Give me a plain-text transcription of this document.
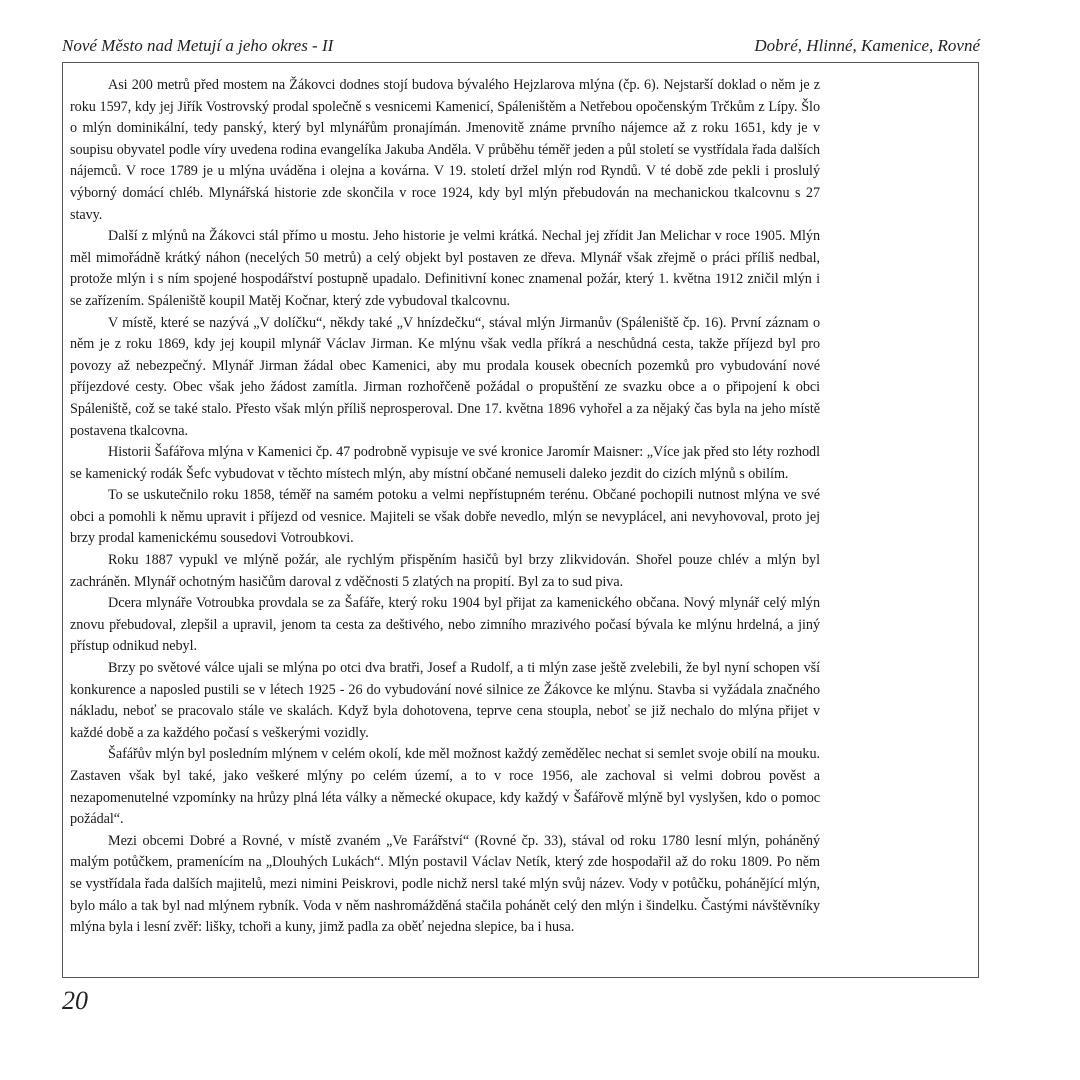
Nové Město nad Metují a jeho okres - II	Dobré, Hlinné, Kamenice, Rovné

Asi 200 metrů před mostem na Žákovci dodnes stojí budova bývalého Hejzlarova mlýna (čp. 6). Nejstarší doklad o něm je z roku 1597, kdy jej Jiřík Vostrovský prodal společně s vesnicemi Kamenicí, Spáleništěm a Netřebou opočenským Trčkům z Lípy. Šlo o mlýn dominikální, tedy panský, který byl mlynářům pronajímán. Jmenovitě známe prvního nájemce až z roku 1651, kdy je v soupisu obyvatel podle víry uvedena rodina evangelíka Jakuba Anděla. V průběhu téměř jeden a půl století se vystřídala řada dalších nájemců. V roce 1789 je u mlýna uváděna i olejna a kovárna. V 19. století držel mlýn rod Ryndů. V té době zde pekli i proslulý výborný domácí chléb. Mlynářská historie zde skončila v roce 1924, kdy byl mlýn přebudován na mechanickou tkalcovnu s 27 stavy.

Další z mlýnů na Žákovci stál přímo u mostu. Jeho historie je velmi krátká. Nechal jej zřídit Jan Melichar v roce 1905. Mlýn měl mimořádně krátký náhon (necelých 50 metrů) a celý objekt byl postaven ze dřeva. Mlynář však zřejmě o práci příliš nedbal, protože mlýn i s ním spojené hospodářství postupně upadalo. Definitivní konec znamenal požár, který 1. května 1912 zničil mlýn i se zařízením. Spáleniště koupil Matěj Kočnar, který zde vybudoval tkalcovnu.

V místě, které se nazývá „V dolíčku“, někdy také „V hnízdečku“, stával mlýn Jirmanův (Spáleniště čp. 16). První záznam o něm je z roku 1869, kdy jej koupil mlynář Václav Jirman. Ke mlýnu však vedla příkrá a neschůdná cesta, takže příjezd byl pro povozy až nebezpečný. Mlynář Jirman žádal obec Kamenici, aby mu prodala kousek obecních pozemků pro vybudování nové příjezdové cesty. Obec však jeho žádost zamítla. Jirman rozhořčeně požádal o propuštění ze svazku obce a o připojení k obci Spáleniště, což se také stalo. Přesto však mlýn příliš neprosperoval. Dne 17. května 1896 vyhořel a za nějaký čas byla na jeho místě postavena tkalcovna.

Historii Šafářova mlýna v Kamenici čp. 47 podrobně vypisuje ve své kronice Jaromír Maisner: „Více jak před sto léty rozhodl se kamenický rodák Šefc vybudovat v těchto místech mlýn, aby místní občané nemuseli daleko jezdit do cizích mlýnů s obilím.

To se uskutečnilo roku 1858, téměř na samém potoku a velmi nepřístupném terénu. Občané pochopili nutnost mlýna ve své obci a pomohli k němu upravit i příjezd od vesnice. Majiteli se však dobře nevedlo, mlýn se nevyplácel, ani nevyhovoval, proto jej brzy prodal kamenickému sousedovi Votroubkovi.

Roku 1887 vypukl ve mlýně požár, ale rychlým přispěním hasičů byl brzy zlikvidován. Shořel pouze chlév a mlýn byl zachráněn. Mlynář ochotným hasičům daroval z vděčnosti 5 zlatých na propití. Byl za to sud piva.

Dcera mlynáře Votroubka provdala se za Šafáře, který roku 1904 byl přijat za kamenického občana. Nový mlynář celý mlýn znovu přebudoval, zlepšil a upravil, jenom ta cesta za deštivého, nebo zimního mrazivého počasí bývala ke mlýnu hrdelná, a jiný přístup odnikud nebyl.

Brzy po světové válce ujali se mlýna po otci dva bratři, Josef a Rudolf, a ti mlýn zase ještě zvelebili, že byl nyní schopen vší konkurence a naposled pustili se v létech 1925 - 26 do vybudování nové silnice ze Žákovce ke mlýnu. Stavba si vyžádala značného nákladu, neboť se pracovalo stále ve skalách. Když byla dohotovena, teprve cena stoupla, neboť se již nechalo do mlýna přijet v každé době a za každého počasí s veškerými vozidly.

Šafářův mlýn byl posledním mlýnem v celém okolí, kde měl možnost každý zemědělec nechat si semlet svoje obilí na mouku. Zastaven však byl také, jako veškeré mlýny po celém území, a to v roce 1956, ale zachoval si velmi dobrou pověst a nezapomenutelné vzpomínky na hrůzy plná léta války a německé okupace, kdy každý v Šafářově mlýně byl vyslyšen, kdo o pomoc požádal“.

Mezi obcemi Dobré a Rovné, v místě zvaném „Ve Farářství“ (Rovné čp. 33), stával od roku 1780 lesní mlýn, poháněný malým potůčkem, pramenícím na „Dlouhých Lukách“. Mlýn postavil Václav Netík, který zde hospodařil až do roku 1809. Po něm se vystřídala řada dalších majitelů, mezi nimini Peiskrovi, podle nichž nersl také mlýn svůj název. Vody v potůčku, pohánějící mlýn, bylo málo a tak byl nad mlýnem rybník. Voda v něm nashromážděná stačila pohánět celý den mlýn i šindelku. Častými návštěvníky mlýna byla i lesní zvěř: lišky, tchoři a kuny, jimž padla za oběť nejedna slepice, ba i husa.

20
